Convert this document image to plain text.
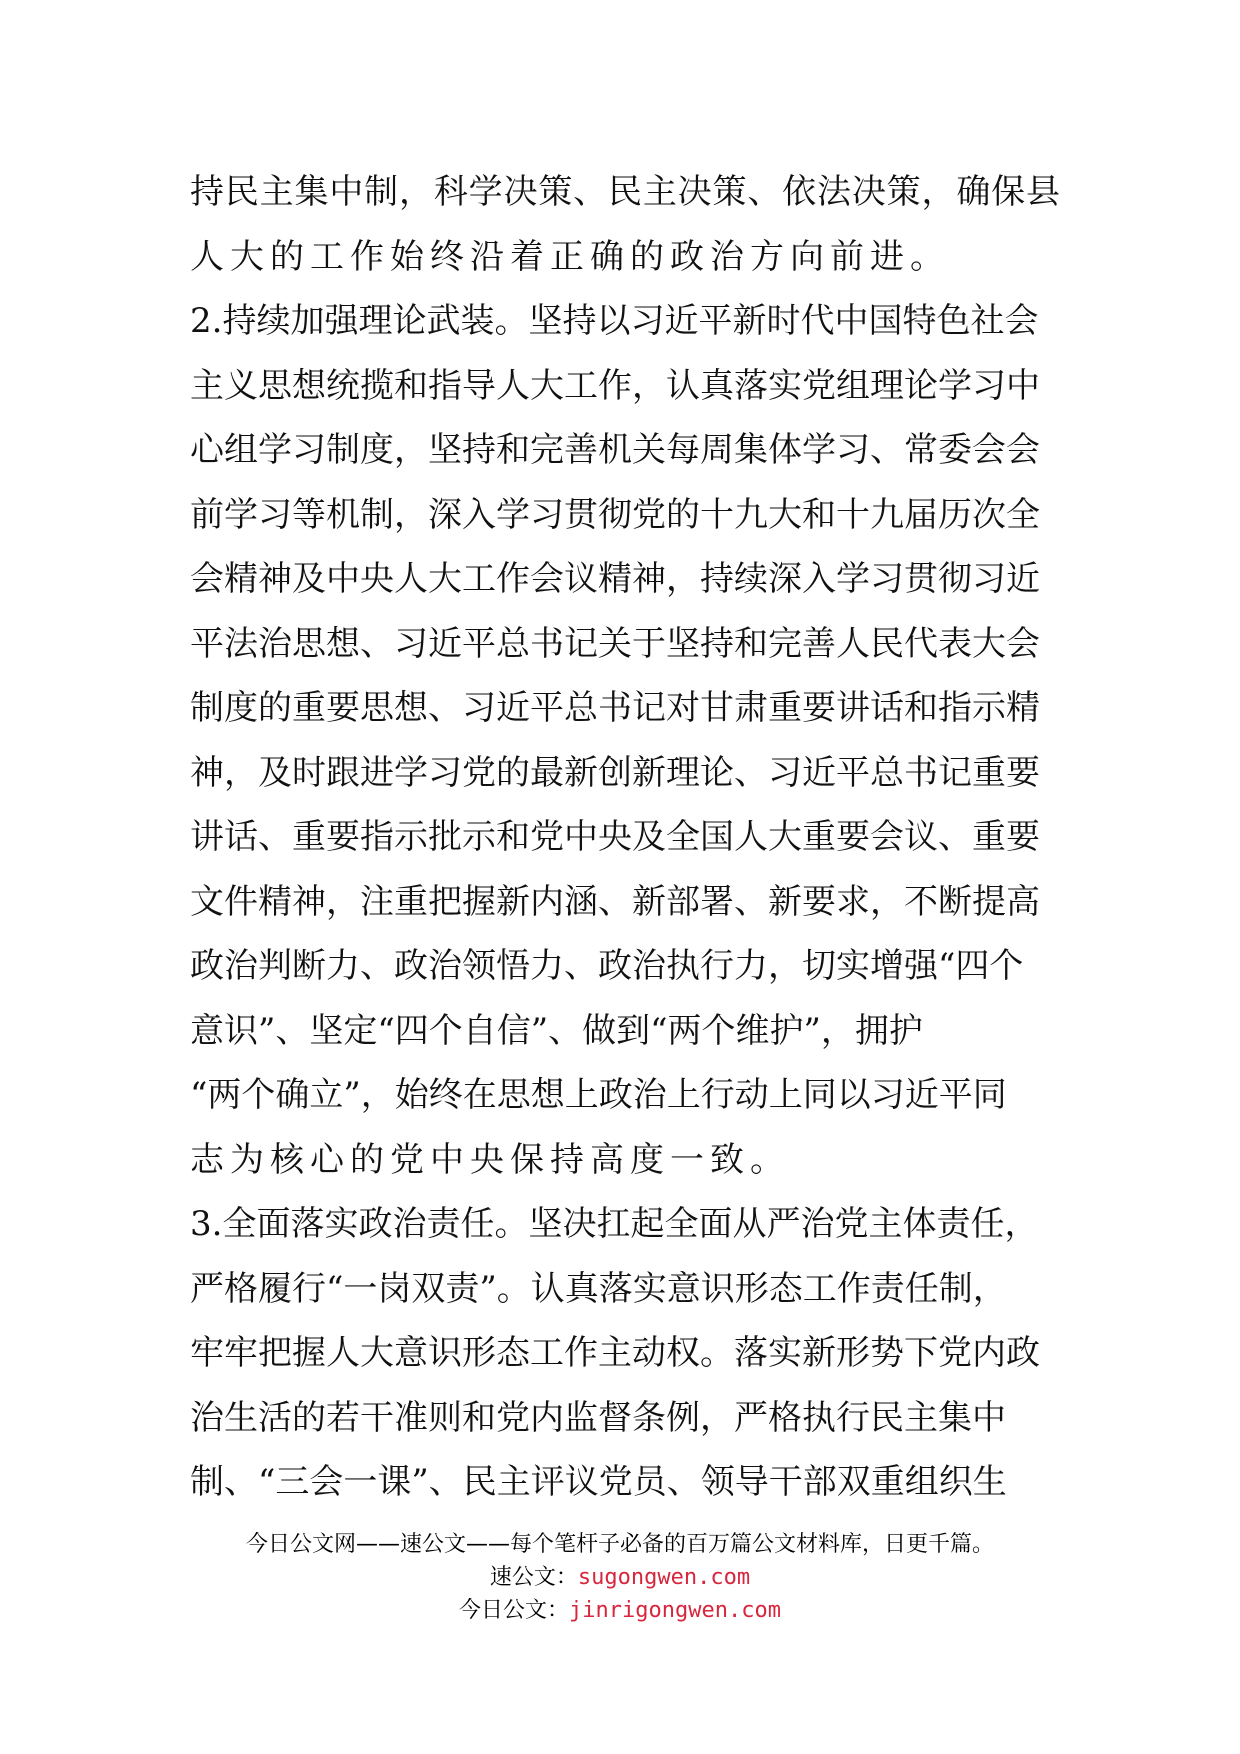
持民主集中制，科学决策、民主决策、依法决策，确保县
人大的工作始终沿着正确的政治方向前进。
2.持续加强理论武装。坚持以习近平新时代中国特色社会
主义思想统揽和指导人大工作，认真落实党组理论学习中
心组学习制度，坚持和完善机关每周集体学习、常委会会
前学习等机制，深入学习贯彻党的十九大和十九届历次全
会精神及中央人大工作会议精神，持续深入学习贯彻习近
平法治思想、习近平总书记关于坚持和完善人民代表大会
制度的重要思想、习近平总书记对甘肃重要讲话和指示精
神，及时跟进学习党的最新创新理论、习近平总书记重要
讲话、重要指示批示和党中央及全国人大重要会议、重要
文件精神，注重把握新内涵、新部署、新要求，不断提高
政治判断力、政治领悟力、政治执行力，切实增强“四个
意识”、坚定“四个自信”、做到“两个维护”，拥护
“两个确立”，始终在思想上政治上行动上同以习近平同
志为核心的党中央保持高度一致。
3.全面落实政治责任。坚决扛起全面从严治党主体责任，
严格履行“一岗双责”。认真落实意识形态工作责任制，
牢牢把握人大意识形态工作主动权。落实新形势下党内政
治生活的若干准则和党内监督条例，严格执行民主集中
制、“三会一课”、民主评议党员、领导干部双重组织生
今日公文网——速公文——每个笔杆子必备的百万篇公文材料库，日更千篇。
速公文：sugongwen.com
今日公文：jinrigongwen.com
